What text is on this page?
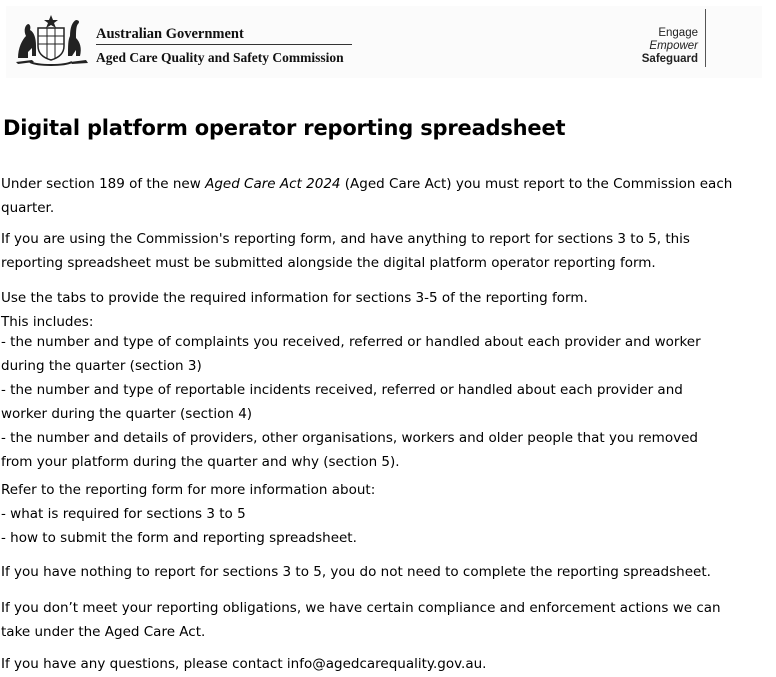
Australian Government
Aged Care Quality and Safety Commission
Engage
Empower
Safeguard
Digital platform operator reporting spreadsheet
Under section 189 of the new Aged Care Act 2024 (Aged Care Act) you must report to the Commission each
quarter.
If you are using the Commission's reporting form, and have anything to report for sections 3 to 5, this
reporting spreadsheet must be submitted alongside the digital platform operator reporting form.
Use the tabs to provide the required information for sections 3-5 of the reporting form.
This includes:
- the number and type of complaints you received, referred or handled about each provider and worker
during the quarter (section 3)
- the number and type of reportable incidents received, referred or handled about each provider and
worker during the quarter (section 4)
- the number and details of providers, other organisations, workers and older people that you removed
from your platform during the quarter and why (section 5).
Refer to the reporting form for more information about:
- what is required for sections 3 to 5
- how to submit the form and reporting spreadsheet.
If you have nothing to report for sections 3 to 5, you do not need to complete the reporting spreadsheet.
If you don’t meet your reporting obligations, we have certain compliance and enforcement actions we can
take under the Aged Care Act.
If you have any questions, please contact info@agedcarequality.gov.au.
